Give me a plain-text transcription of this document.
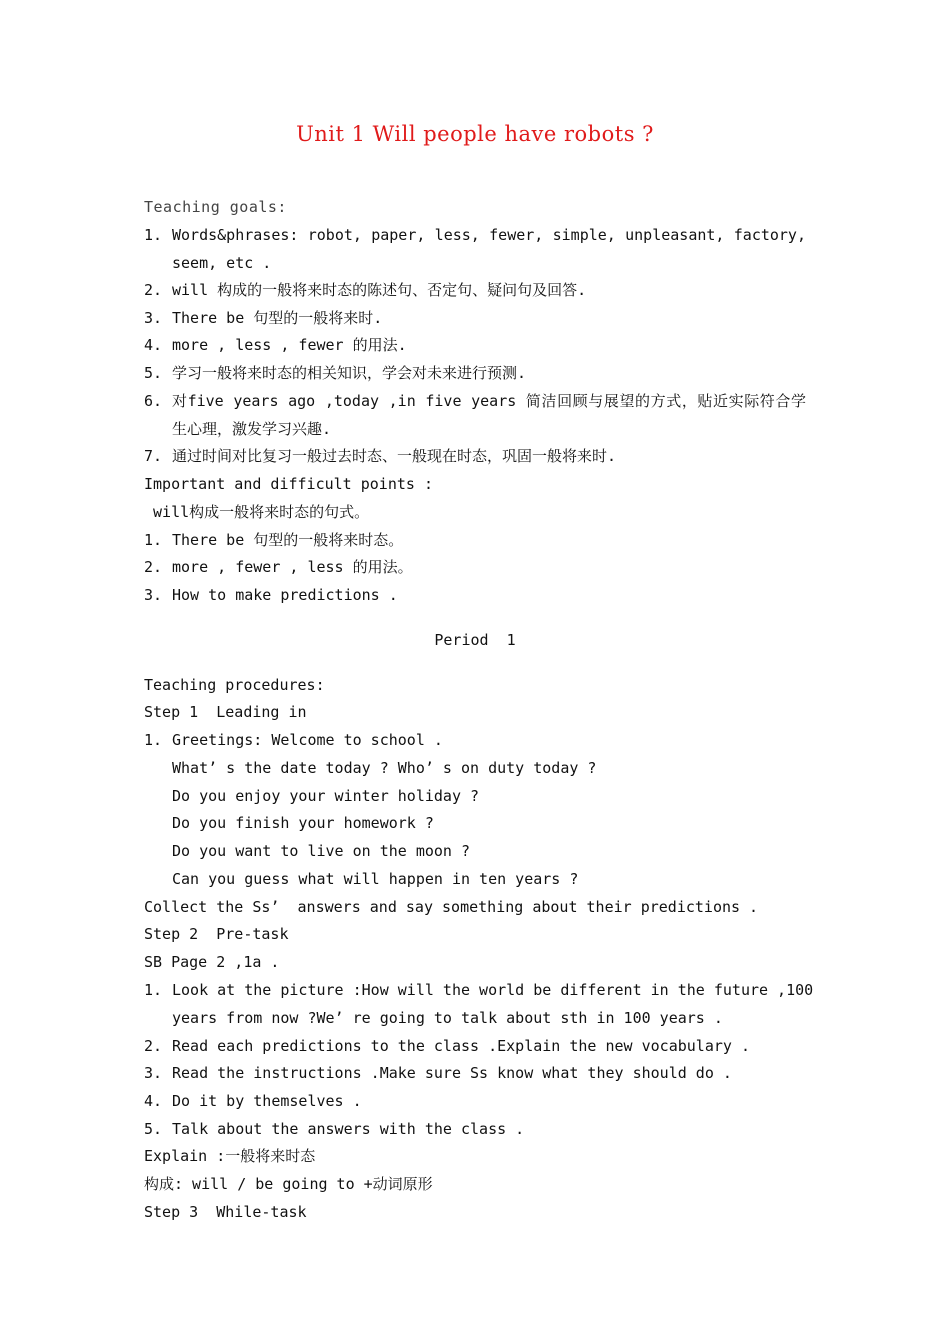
Unit 1 Will people have robots ?
Teaching goals:
1. Words&phrases: robot, paper, less, fewer, simple, unpleasant, factory,
seem, etc .
2. will 构成的一般将来时态的陈述句、否定句、疑问句及回答.
3. There be 句型的一般将来时.
4. more , less , fewer 的用法.
5. 学习一般将来时态的相关知识，学会对未来进行预测.
6. 对five years ago ,today ,in five years 简洁回顾与展望的方式，贴近实际符合学
生心理，激发学习兴趣.
7. 通过时间对比复习一般过去时态、一般现在时态，巩固一般将来时.
Important and difficult points :
will构成一般将来时态的句式。
1. There be 句型的一般将来时态。
2. more , fewer , less 的用法。
3. How to make predictions .
Period  1
Teaching procedures:
Step 1  Leading in
1. Greetings: Welcome to school .
What’ s the date today ? Who’ s on duty today ?
Do you enjoy your winter holiday ?
Do you finish your homework ?
Do you want to live on the moon ?
Can you guess what will happen in ten years ?
Collect the Ss’  answers and say something about their predictions .
Step 2  Pre-task
SB Page 2 ,1a .
1. Look at the picture :How will the world be different in the future ,100
years from now ?We’ re going to talk about sth in 100 years .
2. Read each predictions to the class .Explain the new vocabulary .
3. Read the instructions .Make sure Ss know what they should do .
4. Do it by themselves .
5. Talk about the answers with the class .
Explain :一般将来时态
构成: will / be going to +动词原形
Step 3  While-task
